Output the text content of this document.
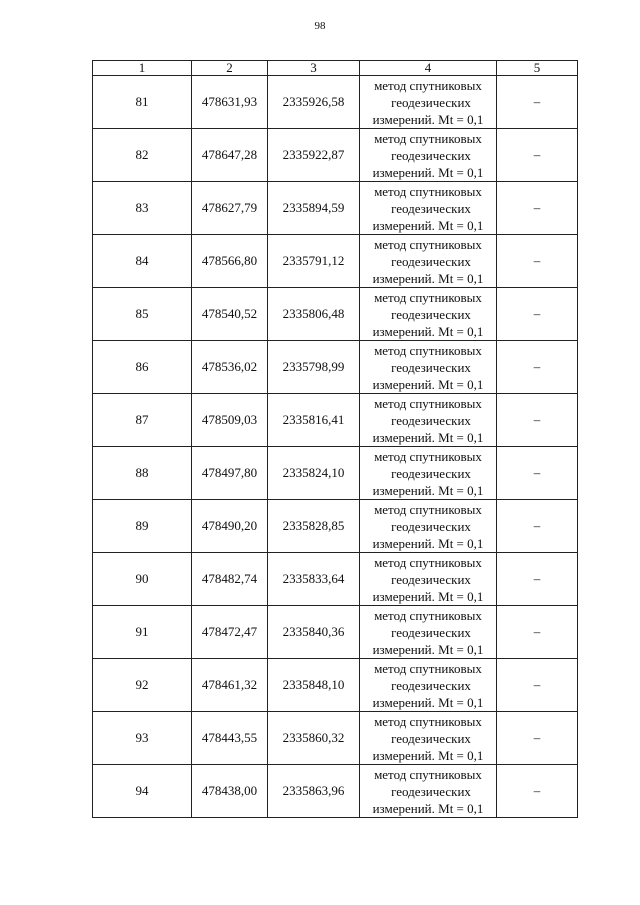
98
1	2	3	4	5
81	478631,93	2335926,58	метод спутниковых
геодезических
измерений. Mt = 0,1	–
82	478647,28	2335922,87	метод спутниковых
геодезических
измерений. Mt = 0,1	–
83	478627,79	2335894,59	метод спутниковых
геодезических
измерений. Mt = 0,1	–
84	478566,80	2335791,12	метод спутниковых
геодезических
измерений. Mt = 0,1	–
85	478540,52	2335806,48	метод спутниковых
геодезических
измерений. Mt = 0,1	–
86	478536,02	2335798,99	метод спутниковых
геодезических
измерений. Mt = 0,1	–
87	478509,03	2335816,41	метод спутниковых
геодезических
измерений. Mt = 0,1	–
88	478497,80	2335824,10	метод спутниковых
геодезических
измерений. Mt = 0,1	–
89	478490,20	2335828,85	метод спутниковых
геодезических
измерений. Mt = 0,1	–
90	478482,74	2335833,64	метод спутниковых
геодезических
измерений. Mt = 0,1	–
91	478472,47	2335840,36	метод спутниковых
геодезических
измерений. Mt = 0,1	–
92	478461,32	2335848,10	метод спутниковых
геодезических
измерений. Mt = 0,1	–
93	478443,55	2335860,32	метод спутниковых
геодезических
измерений. Mt = 0,1	–
94	478438,00	2335863,96	метод спутниковых
геодезических
измерений. Mt = 0,1	–
